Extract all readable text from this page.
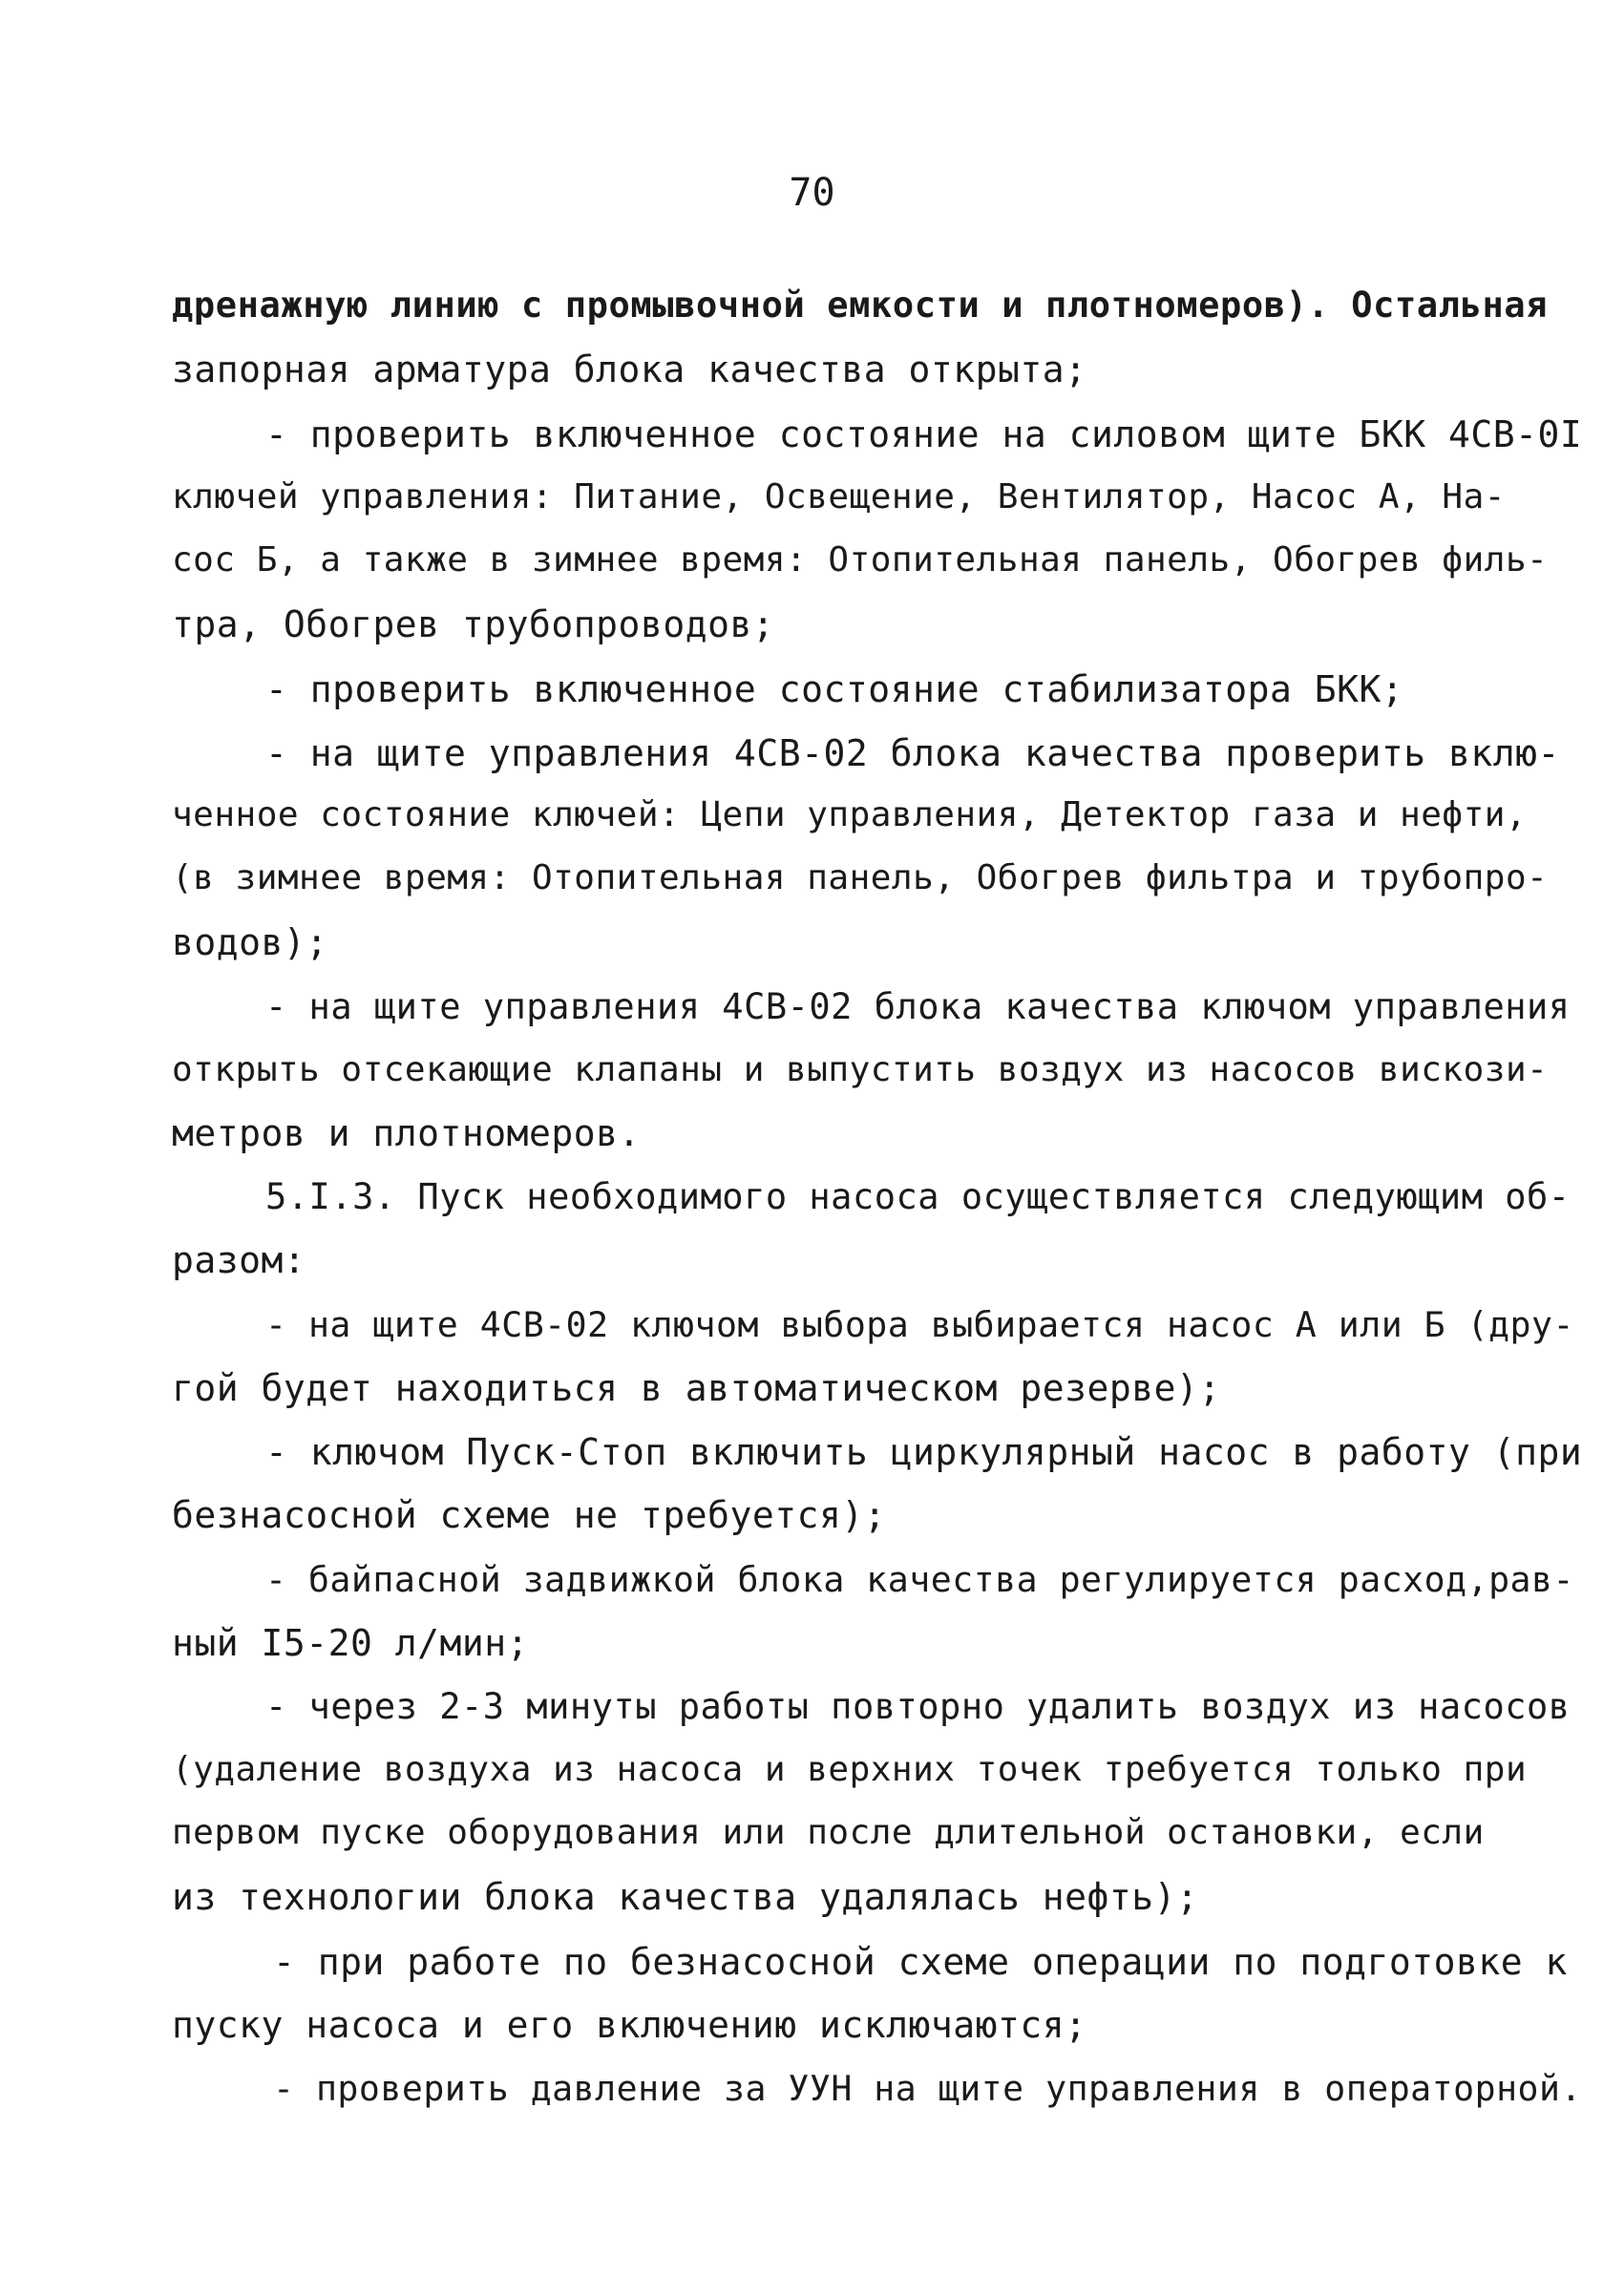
70
дренажную линию с промывочной емкости и плотномеров). Остальная
запорная арматура блока качества открыта;
- проверить включенное состояние на силовом щите БКК 4СВ-0I
ключей управления: Питание, Освещение, Вентилятор, Насос А, На-
сос Б, а также в зимнее время: Отопительная панель, Обогрев филь-
тра, Обогрев трубопроводов;
- проверить включенное состояние стабилизатора БКК;
- на щите управления 4СВ-02 блока качества проверить вклю-
ченное состояние ключей: Цепи управления, Детектор газа и нефти,
(в зимнее время: Отопительная панель, Обогрев фильтра и трубопро-
водов);
- на щите управления 4СВ-02 блока качества ключом управления
открыть отсекающие клапаны и выпустить воздух из насосов вискози-
метров и плотномеров.
5.I.3. Пуск необходимого насоса осуществляется следующим об-
разом:
- на щите 4СВ-02 ключом выбора выбирается насос А или Б (дру-
гой будет находиться в автоматическом резерве);
- ключом Пуск-Стоп включить циркулярный насос в работу (при
безнасосной схеме не требуется);
- байпасной задвижкой блока качества регулируется расход,рав-
ный I5-20 л/мин;
- через 2-3 минуты работы повторно удалить воздух из насосов
(удаление воздуха из насоса и верхних точек требуется только при
первом пуске оборудования или после длительной остановки, если
из технологии блока качества удалялась нефть);
- при работе по безнасосной схеме операции по подготовке к
пуску насоса и его включению исключаются;
- проверить давление за УУН на щите управления в операторной.
